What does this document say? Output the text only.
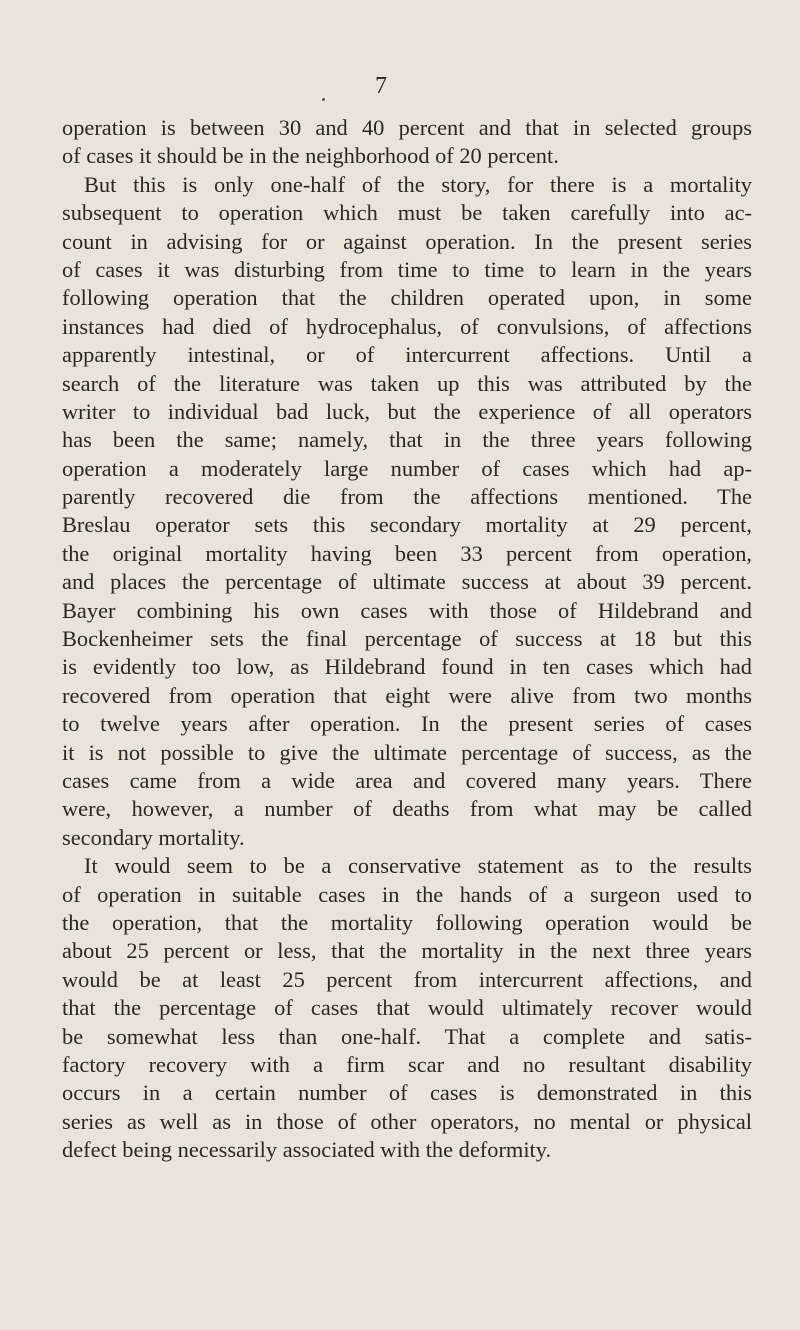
7
operation is between 30 and 40 percent and that in selected groups
of cases it should be in the neighborhood of 20 percent.
But this is only one-half of the story, for there is a mortality
subsequent to operation which must be taken carefully into ac-
count in advising for or against operation. In the present series
of cases it was disturbing from time to time to learn in the years
following operation that the children operated upon, in some
instances had died of hydrocephalus, of convulsions, of affections
apparently intestinal, or of intercurrent affections. Until a
search of the literature was taken up this was attributed by the
writer to individual bad luck, but the experience of all operators
has been the same; namely, that in the three years following
operation a moderately large number of cases which had ap-
parently recovered die from the affections mentioned. The
Breslau operator sets this secondary mortality at 29 percent,
the original mortality having been 33 percent from operation,
and places the percentage of ultimate success at about 39 percent.
Bayer combining his own cases with those of Hildebrand and
Bockenheimer sets the final percentage of success at 18 but this
is evidently too low, as Hildebrand found in ten cases which had
recovered from operation that eight were alive from two months
to twelve years after operation. In the present series of cases
it is not possible to give the ultimate percentage of success, as the
cases came from a wide area and covered many years. There
were, however, a number of deaths from what may be called
secondary mortality.
It would seem to be a conservative statement as to the results
of operation in suitable cases in the hands of a surgeon used to
the operation, that the mortality following operation would be
about 25 percent or less, that the mortality in the next three years
would be at least 25 percent from intercurrent affections, and
that the percentage of cases that would ultimately recover would
be somewhat less than one-half. That a complete and satis-
factory recovery with a firm scar and no resultant disability
occurs in a certain number of cases is demonstrated in this
series as well as in those of other operators, no mental or physical
defect being necessarily associated with the deformity.
